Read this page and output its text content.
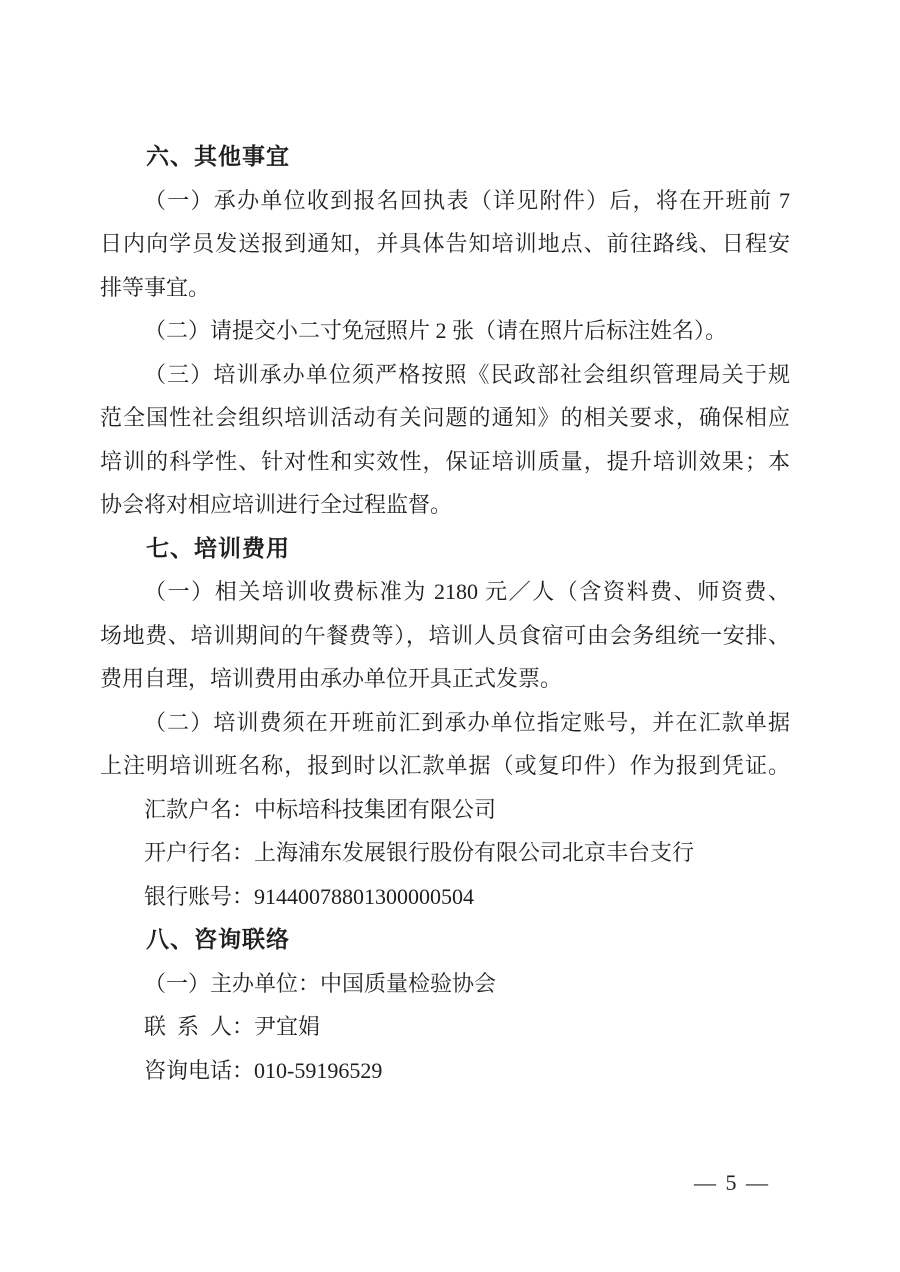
六、其他事宜
（一）承办单位收到报名回执表（详见附件）后，将在开班前 7
日内向学员发送报到通知，并具体告知培训地点、前往路线、日程安
排等事宜。
（二）请提交小二寸免冠照片 2 张（请在照片后标注姓名）。
（三）培训承办单位须严格按照《民政部社会组织管理局关于规
范全国性社会组织培训活动有关问题的通知》的相关要求，确保相应
培训的科学性、针对性和实效性，保证培训质量，提升培训效果；本
协会将对相应培训进行全过程监督。
七、培训费用
（一）相关培训收费标准为 2180 元／人（含资料费、师资费、
场地费、培训期间的午餐费等），培训人员食宿可由会务组统一安排、
费用自理，培训费用由承办单位开具正式发票。
（二）培训费须在开班前汇到承办单位指定账号，并在汇款单据
上注明培训班名称，报到时以汇款单据（或复印件）作为报到凭证。
汇款户名：中标培科技集团有限公司
开户行名：上海浦东发展银行股份有限公司北京丰台支行
银行账号：91440078801300000504
八、咨询联络
（一）主办单位：中国质量检验协会
联 系 人：尹宜娟
咨询电话：010-59196529
— 5 —
